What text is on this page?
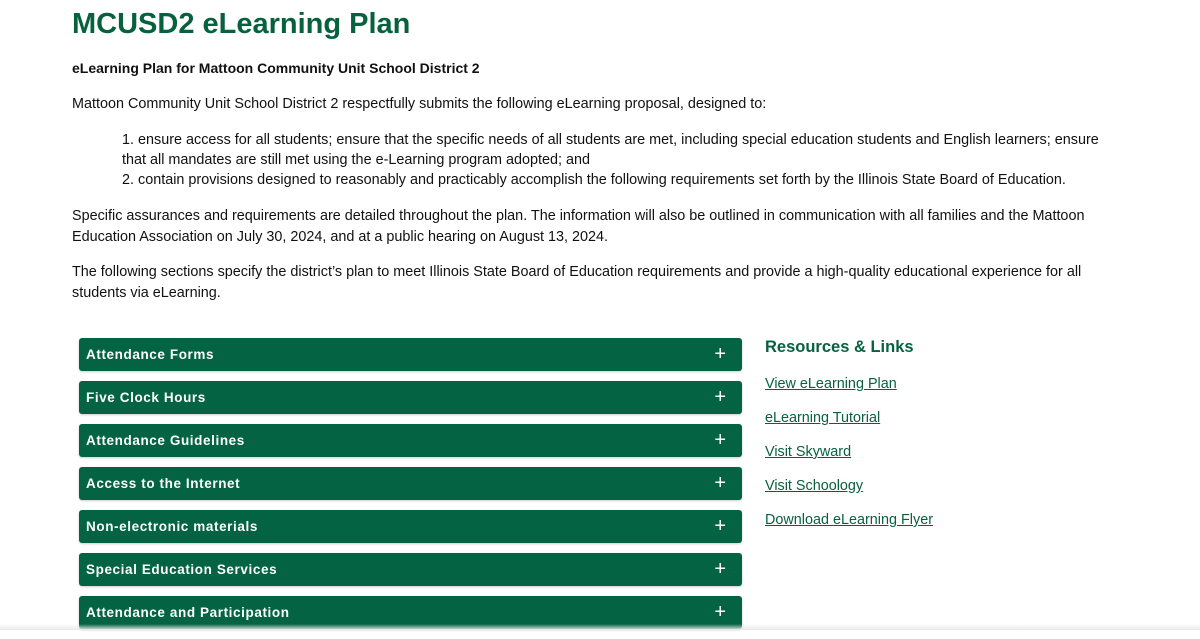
MCUSD2 eLearning Plan
eLearning Plan for Mattoon Community Unit School District 2

Mattoon Community Unit School District 2 respectfully submits the following eLearning proposal, designed to:

1. ensure access for all students; ensure that the specific needs of all students are met, including special education students and English learners; ensure that all mandates are still met using the e-Learning program adopted; and
2. contain provisions designed to reasonably and practicably accomplish the following requirements set forth by the Illinois State Board of Education.

Specific assurances and requirements are detailed throughout the plan. The information will also be outlined in communication with all families and the Mattoon Education Association on July 30, 2024, and at a public hearing on August 13, 2024.

The following sections specify the district’s plan to meet Illinois State Board of Education requirements and provide a high-quality educational experience for all students via eLearning.

Attendance Forms	+
Five Clock Hours	+
Attendance Guidelines	+
Access to the Internet	+
Non-electronic materials	+
Special Education Services	+
Attendance and Participation	+
Resources & Links
View eLearning Plan
eLearning Tutorial
Visit Skyward
Visit Schoology
Download eLearning Flyer
